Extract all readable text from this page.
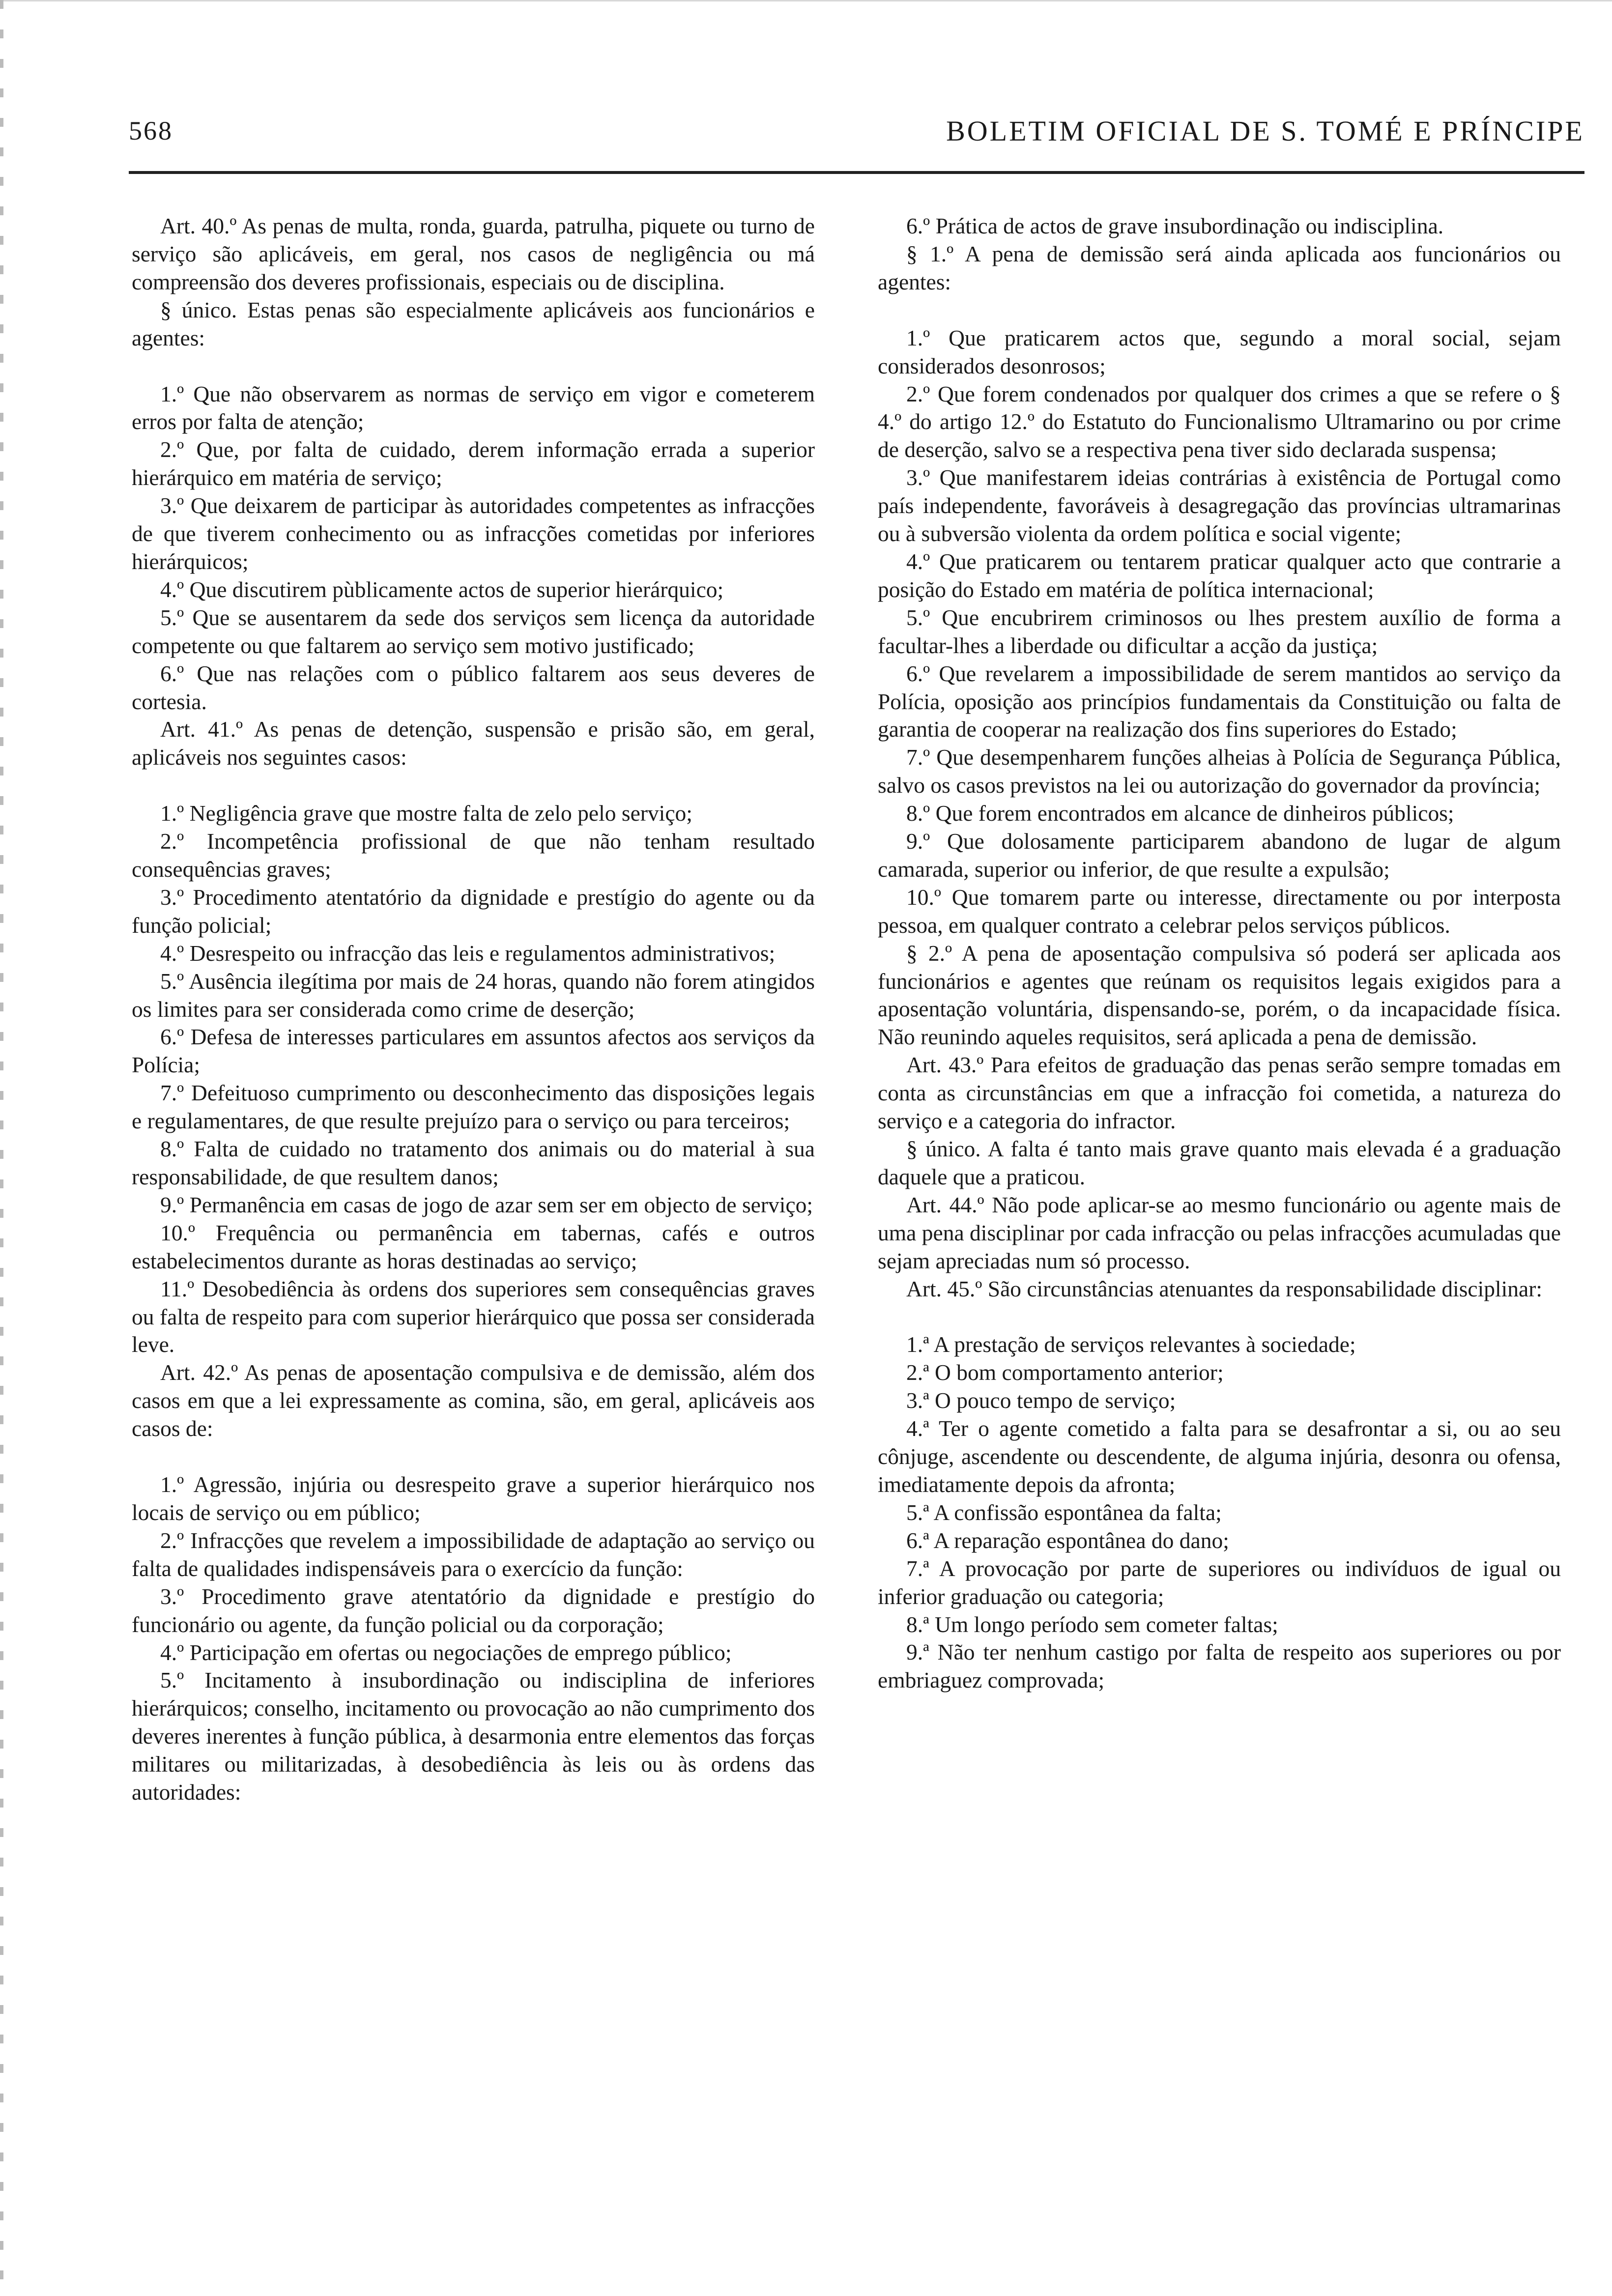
568	BOLETIM OFICIAL DE S. TOMÉ E PRÍNCIPE

Art. 40.º As penas de multa, ronda, guarda, patrulha, piquete ou turno de serviço são aplicáveis, em geral, nos casos de negligência ou má compreensão dos deveres profissionais, especiais ou de disciplina.

§ único. Estas penas são especialmente aplicáveis aos funcionários e agentes:

1.º Que não observarem as normas de serviço em vigor e cometerem erros por falta de atenção;

2.º Que, por falta de cuidado, derem informação errada a superior hierárquico em matéria de serviço;

3.º Que deixarem de participar às autoridades competentes as infracções de que tiverem conhecimento ou as infracções cometidas por inferiores hierárquicos;

4.º Que discutirem pùblicamente actos de superior hierárquico;

5.º Que se ausentarem da sede dos serviços sem licença da autoridade competente ou que faltarem ao serviço sem motivo justificado;

6.º Que nas relações com o público faltarem aos seus deveres de cortesia.

Art. 41.º As penas de detenção, suspensão e prisão são, em geral, aplicáveis nos seguintes casos:

1.º Negligência grave que mostre falta de zelo pelo serviço;

2.º Incompetência profissional de que não tenham resultado consequências graves;

3.º Procedimento atentatório da dignidade e prestígio do agente ou da função policial;

4.º Desrespeito ou infracção das leis e regulamentos administrativos;

5.º Ausência ilegítima por mais de 24 horas, quando não forem atingidos os limites para ser considerada como crime de deserção;

6.º Defesa de interesses particulares em assuntos afectos aos serviços da Polícia;

7.º Defeituoso cumprimento ou desconhecimento das disposições legais e regulamentares, de que resulte prejuízo para o serviço ou para terceiros;

8.º Falta de cuidado no tratamento dos animais ou do material à sua responsabilidade, de que resultem danos;

9.º Permanência em casas de jogo de azar sem ser em objecto de serviço;

10.º Frequência ou permanência em tabernas, cafés e outros estabelecimentos durante as horas destinadas ao serviço;

11.º Desobediência às ordens dos superiores sem consequências graves ou falta de respeito para com superior hierárquico que possa ser considerada leve.

Art. 42.º As penas de aposentação compulsiva e de demissão, além dos casos em que a lei expressamente as comina, são, em geral, aplicáveis aos casos de:

1.º Agressão, injúria ou desrespeito grave a superior hierárquico nos locais de serviço ou em público;

2.º Infracções que revelem a impossibilidade de adaptação ao serviço ou falta de qualidades indispensáveis para o exercício da função:

3.º Procedimento grave atentatório da dignidade e prestígio do funcionário ou agente, da função policial ou da corporação;

4.º Participação em ofertas ou negociações de emprego público;

5.º Incitamento à insubordinação ou indisciplina de inferiores hierárquicos; conselho, incitamento ou provocação ao não cumprimento dos deveres inerentes à função pública, à desarmonia entre elementos das forças militares ou militarizadas, à desobediência às leis ou às ordens das autoridades:

6.º Prática de actos de grave insubordinação ou indisciplina.

§ 1.º A pena de demissão será ainda aplicada aos funcionários ou agentes:

1.º Que praticarem actos que, segundo a moral social, sejam considerados desonrosos;

2.º Que forem condenados por qualquer dos crimes a que se refere o § 4.º do artigo 12.º do Estatuto do Funcionalismo Ultramarino ou por crime de deserção, salvo se a respectiva pena tiver sido declarada suspensa;

3.º Que manifestarem ideias contrárias à existência de Portugal como país independente, favoráveis à desagregação das províncias ultramarinas ou à subversão violenta da ordem política e social vigente;

4.º Que praticarem ou tentarem praticar qualquer acto que contrarie a posição do Estado em matéria de política internacional;

5.º Que encubrirem criminosos ou lhes prestem auxílio de forma a facultar-lhes a liberdade ou dificultar a acção da justiça;

6.º Que revelarem a impossibilidade de serem mantidos ao serviço da Polícia, oposição aos princípios fundamentais da Constituição ou falta de garantia de cooperar na realização dos fins superiores do Estado;

7.º Que desempenharem funções alheias à Polícia de Segurança Pública, salvo os casos previstos na lei ou autorização do governador da província;

8.º Que forem encontrados em alcance de dinheiros públicos;

9.º Que dolosamente participarem abandono de lugar de algum camarada, superior ou inferior, de que resulte a expulsão;

10.º Que tomarem parte ou interesse, directamente ou por interposta pessoa, em qualquer contrato a celebrar pelos serviços públicos.

§ 2.º A pena de aposentação compulsiva só poderá ser aplicada aos funcionários e agentes que reúnam os requisitos legais exigidos para a aposentação voluntária, dispensando-se, porém, o da incapacidade física. Não reunindo aqueles requisitos, será aplicada a pena de demissão.

Art. 43.º Para efeitos de graduação das penas serão sempre tomadas em conta as circunstâncias em que a infracção foi cometida, a natureza do serviço e a categoria do infractor.

§ único. A falta é tanto mais grave quanto mais elevada é a graduação daquele que a praticou.

Art. 44.º Não pode aplicar-se ao mesmo funcionário ou agente mais de uma pena disciplinar por cada infracção ou pelas infracções acumuladas que sejam apreciadas num só processo.

Art. 45.º São circunstâncias atenuantes da responsabilidade disciplinar:

1.ª A prestação de serviços relevantes à sociedade;

2.ª O bom comportamento anterior;

3.ª O pouco tempo de serviço;

4.ª Ter o agente cometido a falta para se desafrontar a si, ou ao seu cônjuge, ascendente ou descendente, de alguma injúria, desonra ou ofensa, imediatamente depois da afronta;

5.ª A confissão espontânea da falta;

6.ª A reparação espontânea do dano;

7.ª A provocação por parte de superiores ou indivíduos de igual ou inferior graduação ou categoria;

8.ª Um longo período sem cometer faltas;

9.ª Não ter nenhum castigo por falta de respeito aos superiores ou por embriaguez comprovada;
